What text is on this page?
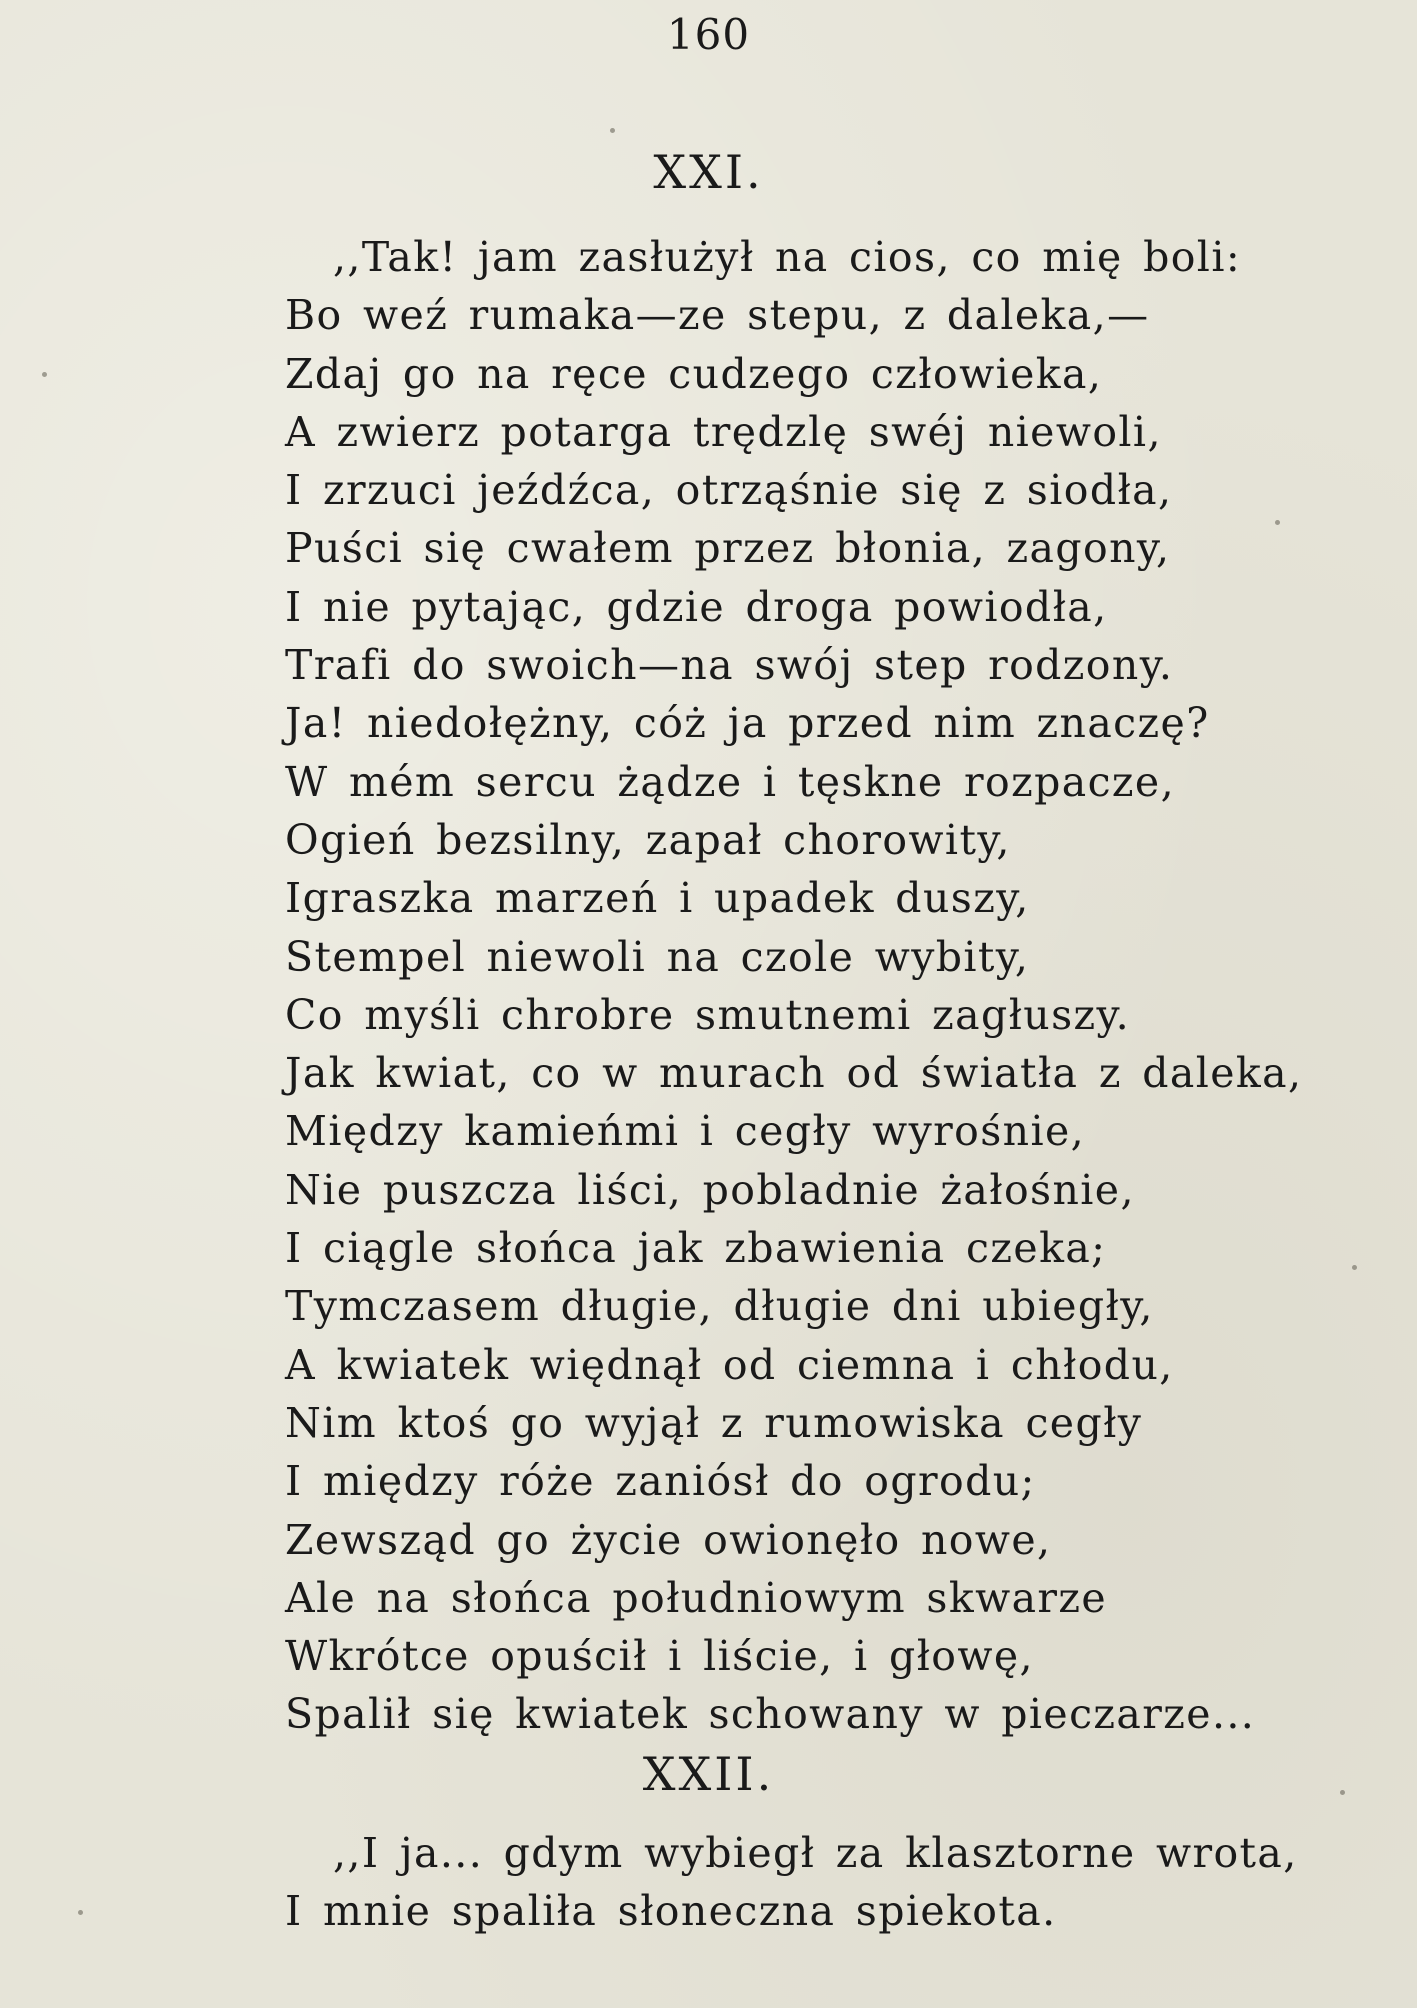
160
XXI.
,,Tak! jam zasłużył na cios, co mię boli:
Bo weź rumaka—ze stepu, z daleka,—
Zdaj go na ręce cudzego człowieka,
A zwierz potarga trędzlę swéj niewoli,
I zrzuci jeźdźca, otrząśnie się z siodła,
Puści się cwałem przez błonia, zagony,
I nie pytając, gdzie droga powiodła,
Trafi do swoich—na swój step rodzony.
Ja! niedołężny, cóż ja przed nim znaczę?
W mém sercu żądze i tęskne rozpacze,
Ogień bezsilny, zapał chorowity,
Igraszka marzeń i upadek duszy,
Stempel niewoli na czole wybity,
Co myśli chrobre smutnemi zagłuszy.
Jak kwiat, co w murach od światła z daleka,
Między kamieńmi i cegły wyrośnie,
Nie puszcza liści, pobladnie żałośnie,
I ciągle słońca jak zbawienia czeka;
Tymczasem długie, długie dni ubiegły,
A kwiatek więdnął od ciemna i chłodu,
Nim ktoś go wyjął z rumowiska cegły
I między róże zaniósł do ogrodu;
Zewsząd go życie owionęło nowe,
Ale na słońca południowym skwarze
Wkrótce opuścił i liście, i głowę,
Spalił się kwiatek schowany w pieczarze...
XXII.
,,I ja... gdym wybiegł za klasztorne wrota,
I mnie spaliła słoneczna spiekota.
